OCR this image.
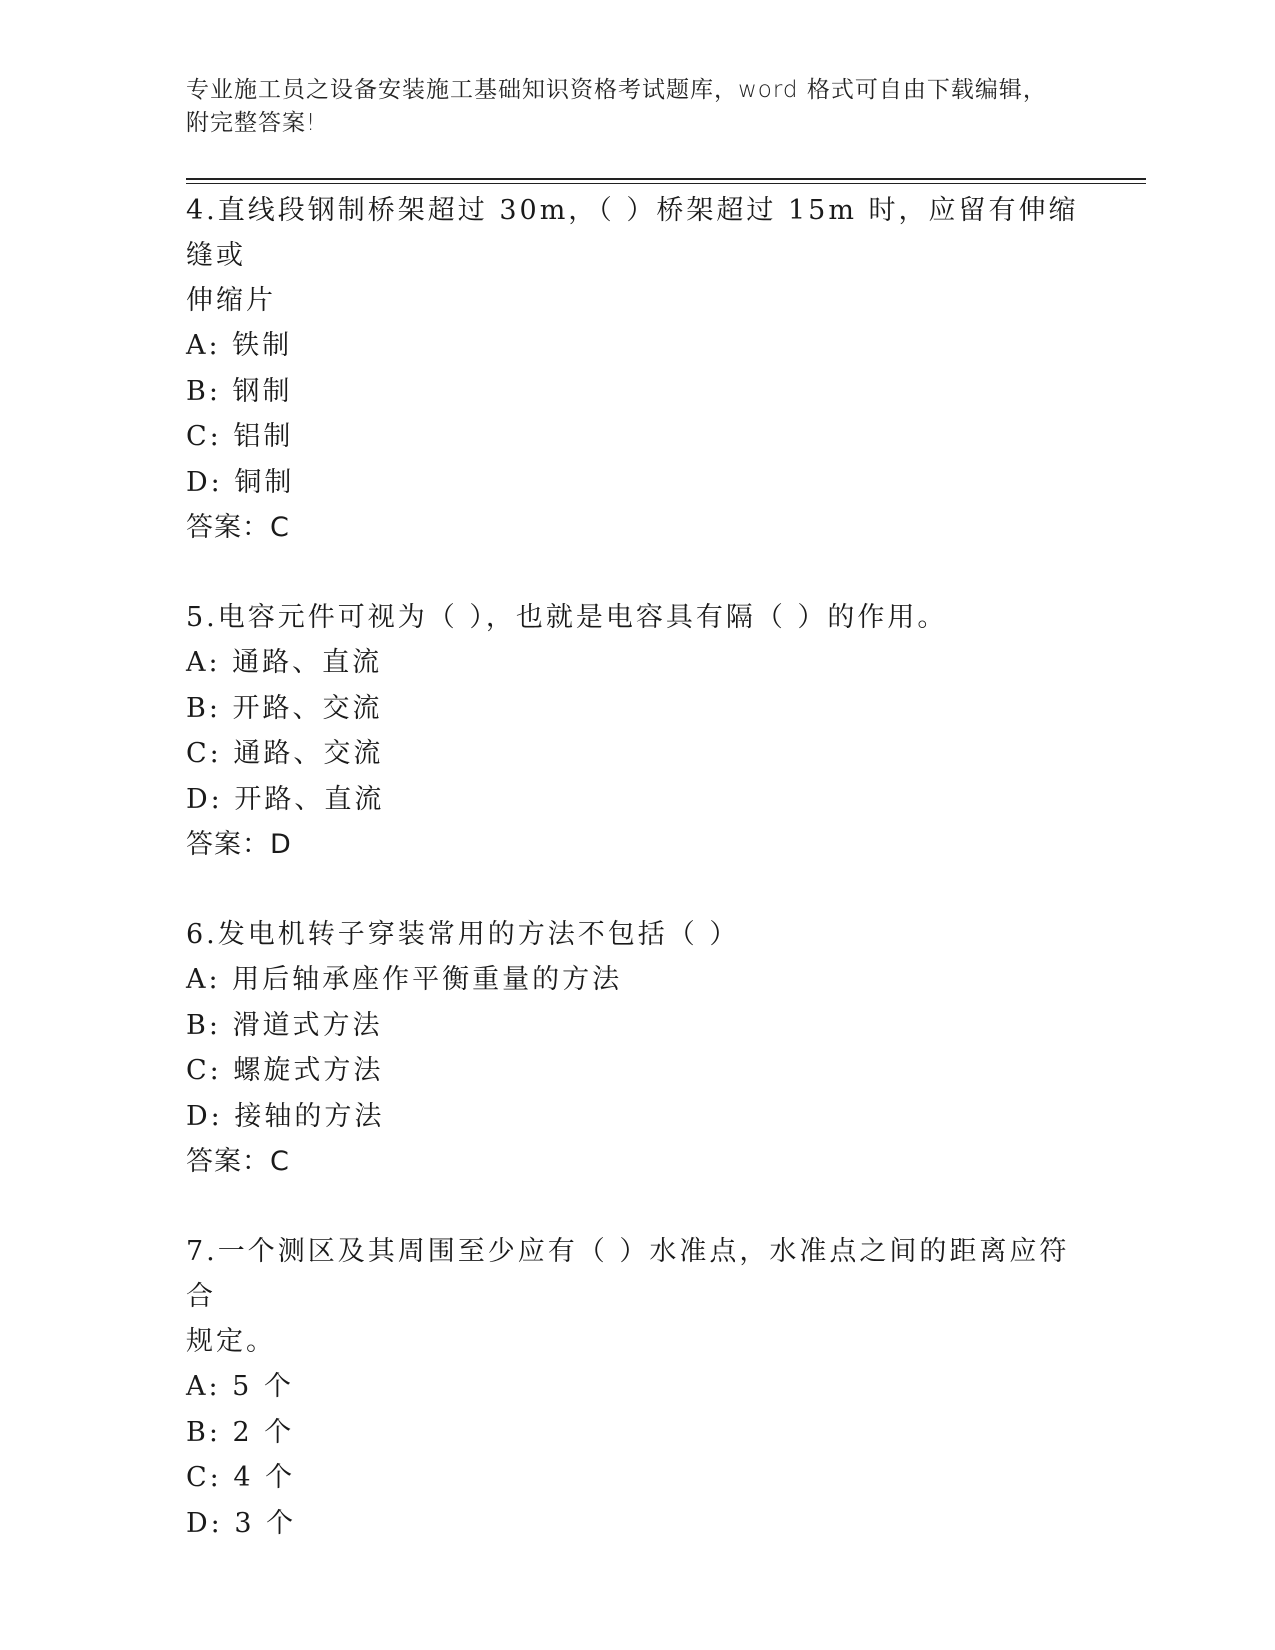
专业施工员之设备安装施工基础知识资格考试题库，word 格式可自由下载编辑，
附完整答案!
4.直线段钢制桥架超过 30m，（ ）桥架超过 15m 时，应留有伸缩缝或
伸缩片
A: 铁制
B: 钢制
C: 铝制
D: 铜制
答案：C
5.电容元件可视为（ ），也就是电容具有隔（ ）的作用。
A: 通路、直流
B: 开路、交流
C: 通路、交流
D: 开路、直流
答案：D
6.发电机转子穿装常用的方法不包括（ ）
A: 用后轴承座作平衡重量的方法
B: 滑道式方法
C: 螺旋式方法
D: 接轴的方法
答案：C
7.一个测区及其周围至少应有（ ）水准点，水准点之间的距离应符合
规定。
A: 5 个
B: 2 个
C: 4 个
D: 3 个
